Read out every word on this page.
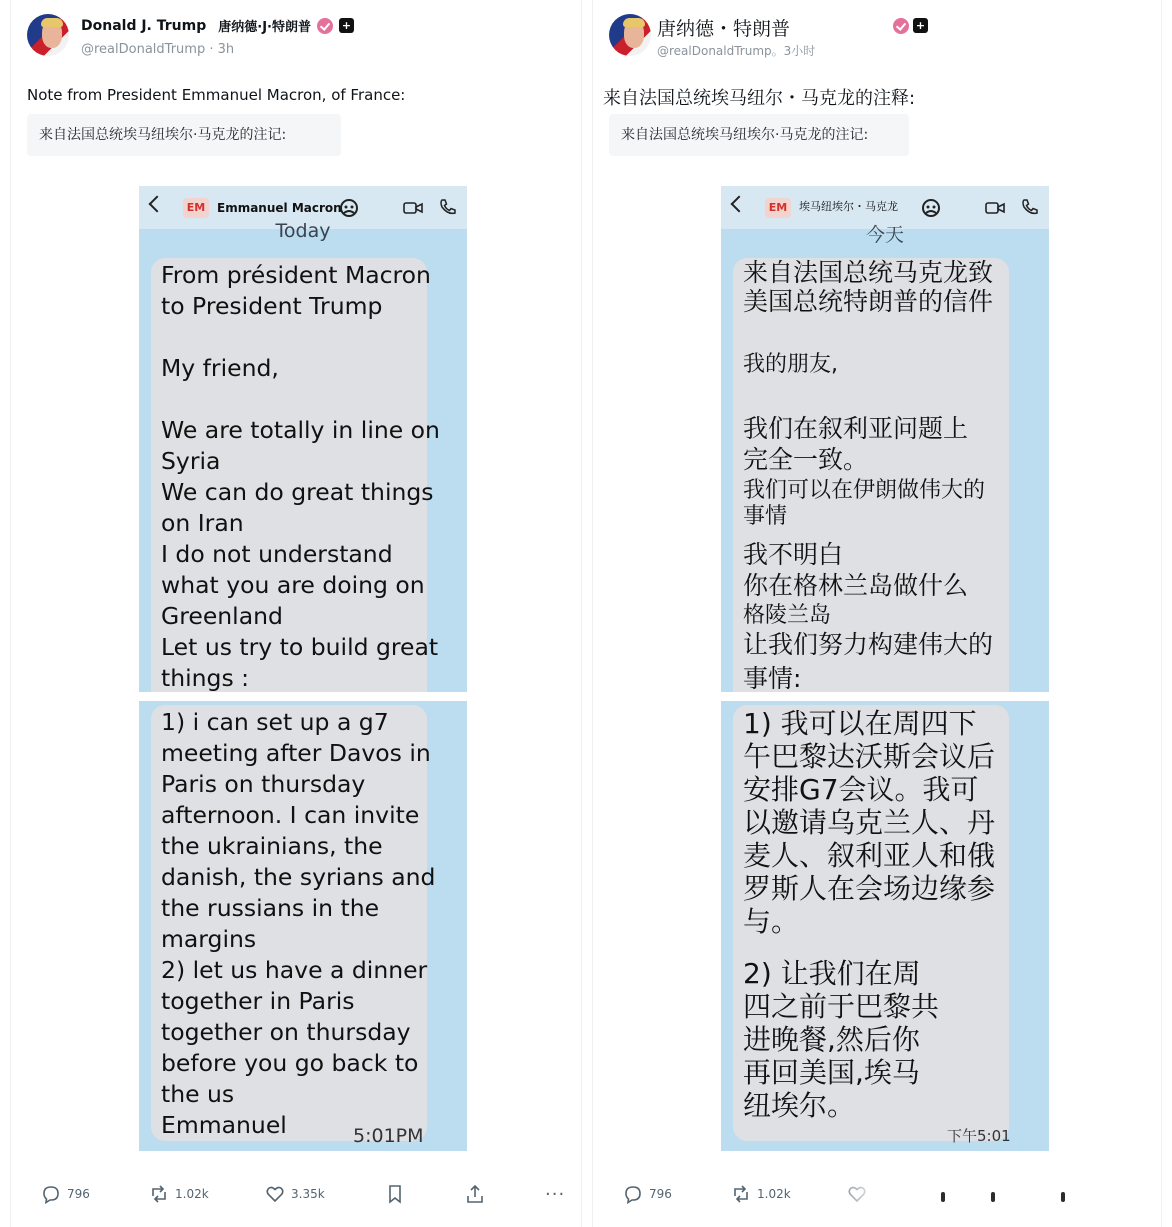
Donald J. Trump 唐纳德·J·特朗普	+
@realDonaldTrump · 3h
Note from President Emmanuel Macron, of France:
来自法国总统埃马纽埃尔·马克龙的注记:
EM Emmanuel Macron
Today
From président Macron
to President Trump

My friend,

We are totally in line on
Syria
We can do great things
on Iran
I do not understand
what you are doing on
Greenland
Let us try to build great
things :
1) i can set up a g7
meeting after Davos in
Paris on thursday
afternoon. I can invite
the ukrainians, the
danish, the syrians and
the russians in the
margins
2) let us have a dinner
together in Paris
together on thursday
before you go back to
the us
Emmanuel	5:01PM
796	1.02k	3.35k	···
唐纳德・特朗普	+
@realDonaldTrump。3小时
来自法国总统埃马纽尔・马克龙的注释:
来自法国总统埃马纽埃尔·马克龙的注记:
EM	埃马纽埃尔・马克龙
今天
来自法国总统马克龙致
美国总统特朗普的信件
我的朋友,
我们在叙利亚问题上
完全一致。
我们可以在伊朗做伟大的
事情
我不明白
你在格林兰岛做什么
格陵兰岛
让我们努力构建伟大的
事情:
1) 我可以在周四下
午巴黎达沃斯会议后
安排G7会议。我可
以邀请乌克兰人、丹
麦人、叙利亚人和俄
罗斯人在会场边缘参
与。
2) 让我们在周
四之前于巴黎共
进晚餐,然后你
再回美国,埃马
纽埃尔。
下午5:01
796	1.02k
